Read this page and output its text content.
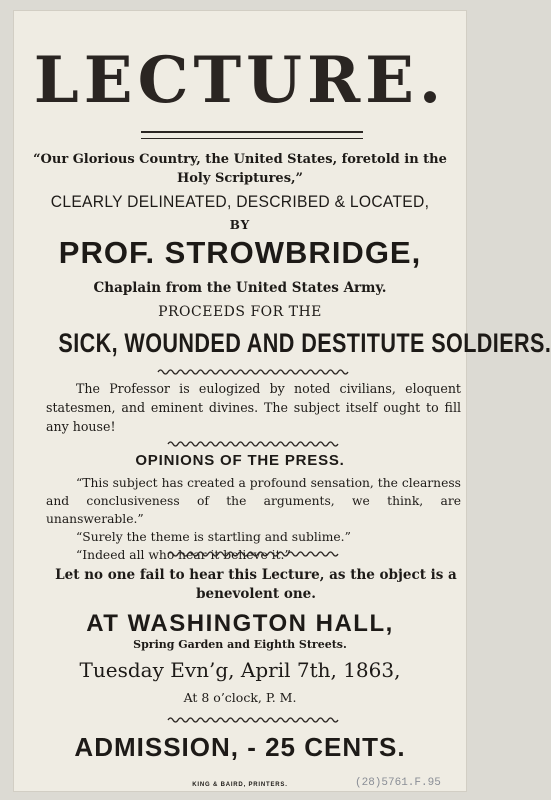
LECTURE.
“Our Glorious Country, the United States, foretold in the
Holy Scriptures,”
CLEARLY DELINEATED, DESCRIBED & LOCATED,
BY
PROF. STROWBRIDGE,
Chaplain from the United States Army.
PROCEEDS FOR THE
SICK, WOUNDED AND DESTITUTE SOLDIERS.
The Professor is eulogized by noted civilians, eloquent statesmen, and eminent divines. The subject itself ought to fill any house!
OPINIONS OF THE PRESS.
“This subject has created a profound sensation, the clearness and conclusiveness of the arguments, we think, are unanswerable.”
“Surely the theme is startling and sublime.”
“Indeed all who hear it believe it.”
Let no one fail to hear this Lecture, as the object is a benevolent one.
AT WASHINGTON HALL,
Spring Garden and Eighth Streets.
Tuesday Evn’g, April 7th, 1863,
At 8 o’clock, P. M.
ADMISSION, - 25 CENTS.
KING & BAIRD, PRINTERS.	(28)5761.F.95
